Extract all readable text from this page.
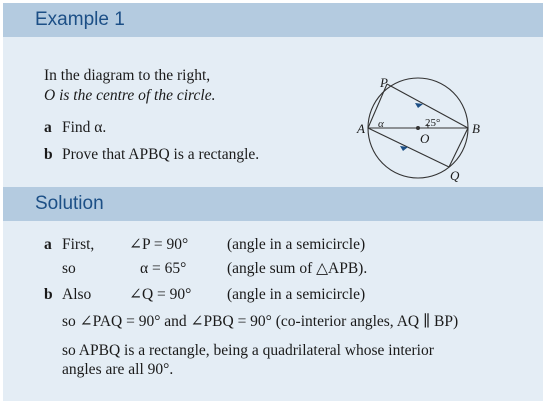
Example 1
In the diagram to the right,
O is the centre of the circle.
a Find α.
b Prove that APBQ is a rectangle.
P
A	B
Q
O
α	25°
Solution
a First, ∠P = 90°	(angle in a semicircle)
so	α = 65°	(angle sum of △APB).
b Also ∠Q = 90° (angle in a semicircle)
so ∠PAQ = 90° and ∠PBQ = 90° (co-interior angles, AQ ∥ BP)
so APBQ is a rectangle, being a quadrilateral whose interior
angles are all 90°.
